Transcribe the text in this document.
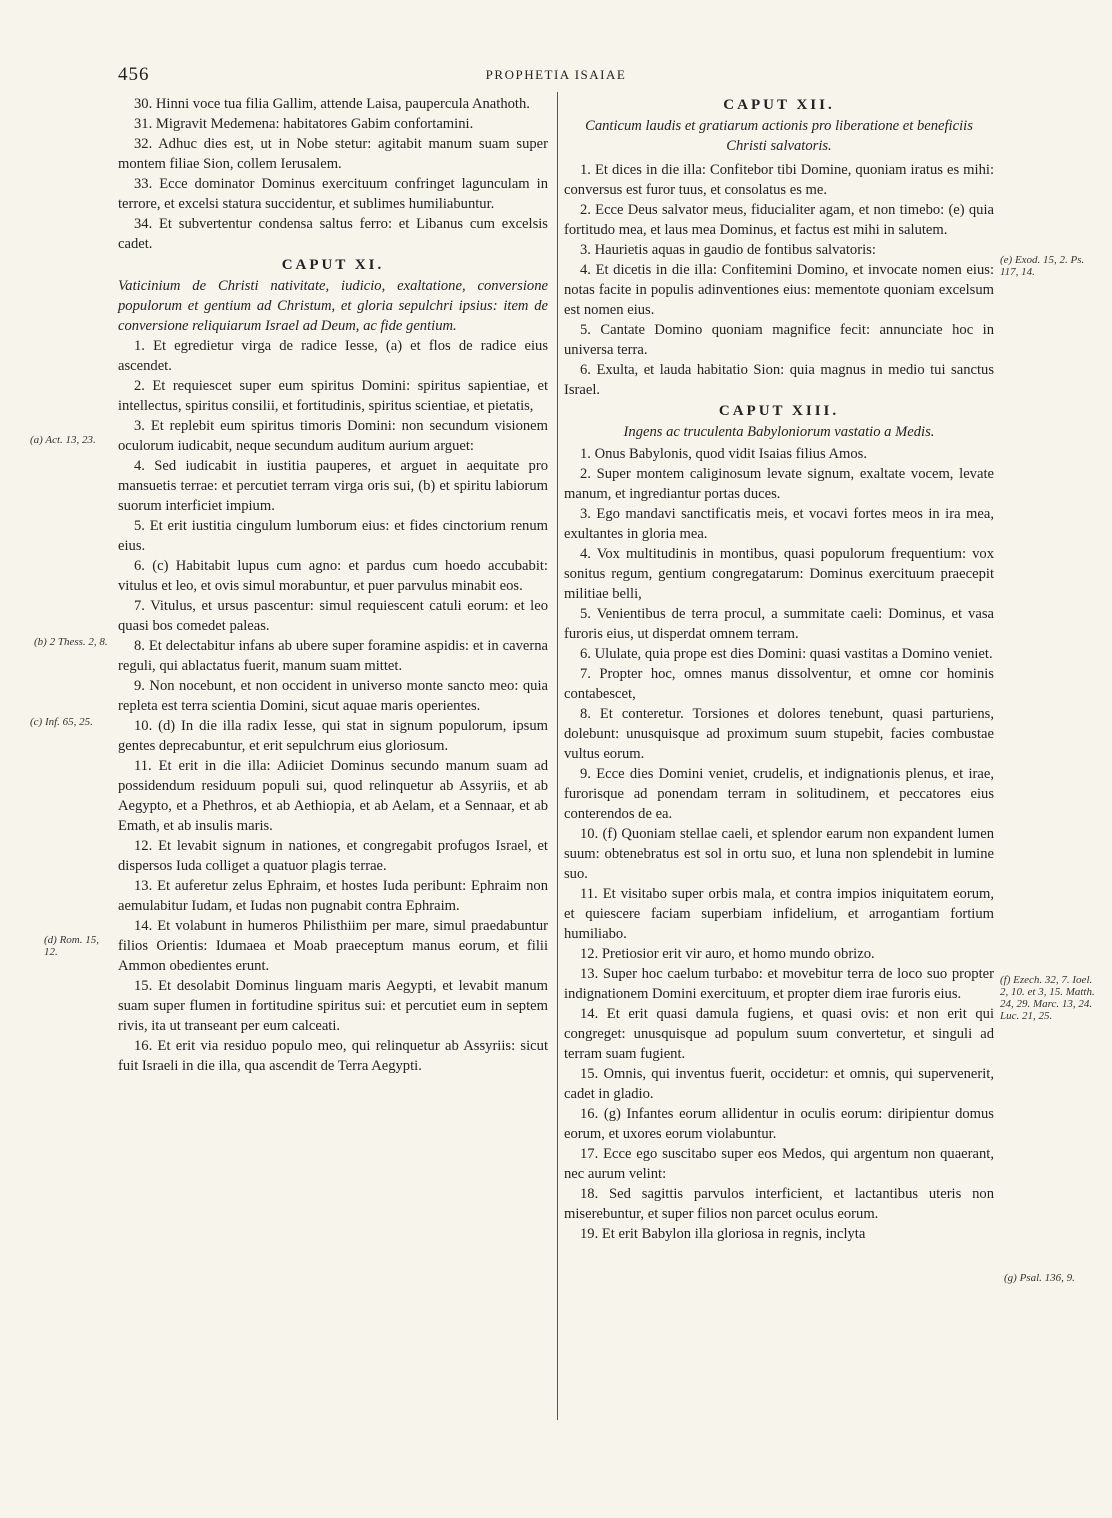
456	PROPHETIA ISAIAE

30. Hinni voce tua filia Gallim, attende Laisa, paupercula Anathoth.

31. Migravit Medemena: habitatores Gabim confortamini.

32. Adhuc dies est, ut in Nobe stetur: agitabit manum suam super montem filiae Sion, collem Ierusalem.

33. Ecce dominator Dominus exercituum confringet lagunculam in terrore, et excelsi statura succidentur, et sublimes humiliabuntur.

34. Et subvertentur condensa saltus ferro: et Libanus cum excelsis cadet.

CAPUT XI.

Vaticinium de Christi nativitate, iudicio, exaltatione, conversione populorum et gentium ad Christum, et gloria sepulchri ipsius: item de conversione reliquiarum Israel ad Deum, ac fide gentium.

1. Et egredietur virga de radice Iesse, (a) et flos de radice eius ascendet.

2. Et requiescet super eum spiritus Domini: spiritus sapientiae, et intellectus, spiritus consilii, et fortitudinis, spiritus scientiae, et pietatis,

3. Et replebit eum spiritus timoris Domini: non secundum visionem oculorum iudicabit, neque secundum auditum aurium arguet:

4. Sed iudicabit in iustitia pauperes, et arguet in aequitate pro mansuetis terrae: et percutiet terram virga oris sui, (b) et spiritu labiorum suorum interficiet impium.

5. Et erit iustitia cingulum lumborum eius: et fides cinctorium renum eius.

6. (c) Habitabit lupus cum agno: et pardus cum hoedo accubabit: vitulus et leo, et ovis simul morabuntur, et puer parvulus minabit eos.

7. Vitulus, et ursus pascentur: simul requiescent catuli eorum: et leo quasi bos comedet paleas.

8. Et delectabitur infans ab ubere super foramine aspidis: et in caverna reguli, qui ablactatus fuerit, manum suam mittet.

9. Non nocebunt, et non occident in universo monte sancto meo: quia repleta est terra scientia Domini, sicut aquae maris operientes.

10. (d) In die illa radix Iesse, qui stat in signum populorum, ipsum gentes deprecabuntur, et erit sepulchrum eius gloriosum.

11. Et erit in die illa: Adiiciet Dominus secundo manum suam ad possidendum residuum populi sui, quod relinquetur ab Assyriis, et ab Aegypto, et a Phethros, et ab Aethiopia, et ab Aelam, et a Sennaar, et ab Emath, et ab insulis maris.

12. Et levabit signum in nationes, et congregabit profugos Israel, et dispersos Iuda colliget a quatuor plagis terrae.

13. Et auferetur zelus Ephraim, et hostes Iuda peribunt: Ephraim non aemulabitur Iudam, et Iudas non pugnabit contra Ephraim.

14. Et volabunt in humeros Philisthiim per mare, simul praedabuntur filios Orientis: Idumaea et Moab praeceptum manus eorum, et filii Ammon obedientes erunt.

15. Et desolabit Dominus linguam maris Aegypti, et levabit manum suam super flumen in fortitudine spiritus sui: et percutiet eum in septem rivis, ita ut transeant per eum calceati.

16. Et erit via residuo populo meo, qui relinquetur ab Assyriis: sicut fuit Israeli in die illa, qua ascendit de Terra Aegypti.

CAPUT XII.

Canticum laudis et gratiarum actionis pro liberatione et beneficiis Christi salvatoris.

1. Et dices in die illa: Confitebor tibi Domine, quoniam iratus es mihi: conversus est furor tuus, et consolatus es me.

2. Ecce Deus salvator meus, fiducialiter agam, et non timebo: (e) quia fortitudo mea, et laus mea Dominus, et factus est mihi in salutem.

3. Haurietis aquas in gaudio de fontibus salvatoris:

4. Et dicetis in die illa: Confitemini Domino, et invocate nomen eius: notas facite in populis adinventiones eius: mementote quoniam excelsum est nomen eius.

5. Cantate Domino quoniam magnifice fecit: annunciate hoc in universa terra.

6. Exulta, et lauda habitatio Sion: quia magnus in medio tui sanctus Israel.

CAPUT XIII.

Ingens ac truculenta Babyloniorum vastatio a Medis.

1. Onus Babylonis, quod vidit Isaias filius Amos.

2. Super montem caliginosum levate signum, exaltate vocem, levate manum, et ingrediantur portas duces.

3. Ego mandavi sanctificatis meis, et vocavi fortes meos in ira mea, exultantes in gloria mea.

4. Vox multitudinis in montibus, quasi populorum frequentium: vox sonitus regum, gentium congregatarum: Dominus exercituum praecepit militiae belli,

5. Venientibus de terra procul, a summitate caeli: Dominus, et vasa furoris eius, ut disperdat omnem terram.

6. Ululate, quia prope est dies Domini: quasi vastitas a Domino veniet.

7. Propter hoc, omnes manus dissolventur, et omne cor hominis contabescet,

8. Et conteretur. Torsiones et dolores tenebunt, quasi parturiens, dolebunt: unusquisque ad proximum suum stupebit, facies combustae vultus eorum.

9. Ecce dies Domini veniet, crudelis, et indignationis plenus, et irae, furorisque ad ponendam terram in solitudinem, et peccatores eius conterendos de ea.

10. (f) Quoniam stellae caeli, et splendor earum non expandent lumen suum: obtenebratus est sol in ortu suo, et luna non splendebit in lumine suo.

11. Et visitabo super orbis mala, et contra impios iniquitatem eorum, et quiescere faciam superbiam infidelium, et arrogantiam fortium humiliabo.

12. Pretiosior erit vir auro, et homo mundo obrizo.

13. Super hoc caelum turbabo: et movebitur terra de loco suo propter indignationem Domini exercituum, et propter diem irae furoris eius.

14. Et erit quasi damula fugiens, et quasi ovis: et non erit qui congreget: unusquisque ad populum suum convertetur, et singuli ad terram suam fugient.

15. Omnis, qui inventus fuerit, occidetur: et omnis, qui supervenerit, cadet in gladio.

16. (g) Infantes eorum allidentur in oculis eorum: diripientur domus eorum, et uxores eorum violabuntur.

17. Ecce ego suscitabo super eos Medos, qui argentum non quaerant, nec aurum velint:

18. Sed sagittis parvulos interficient, et lactantibus uteris non miserebuntur, et super filios non parcet oculus eorum.

19. Et erit Babylon illa gloriosa in regnis, inclyta

(a) Act. 13, 23.
(b) 2 Thess. 2, 8.
(c) Inf. 65, 25.
(d) Rom. 15, 12.
(e) Exod. 15, 2. Ps. 117, 14.
(f) Ezech. 32, 7. Ioel. 2, 10. et 3, 15. Matth. 24, 29. Marc. 13, 24. Luc. 21, 25.
(g) Psal. 136, 9.
